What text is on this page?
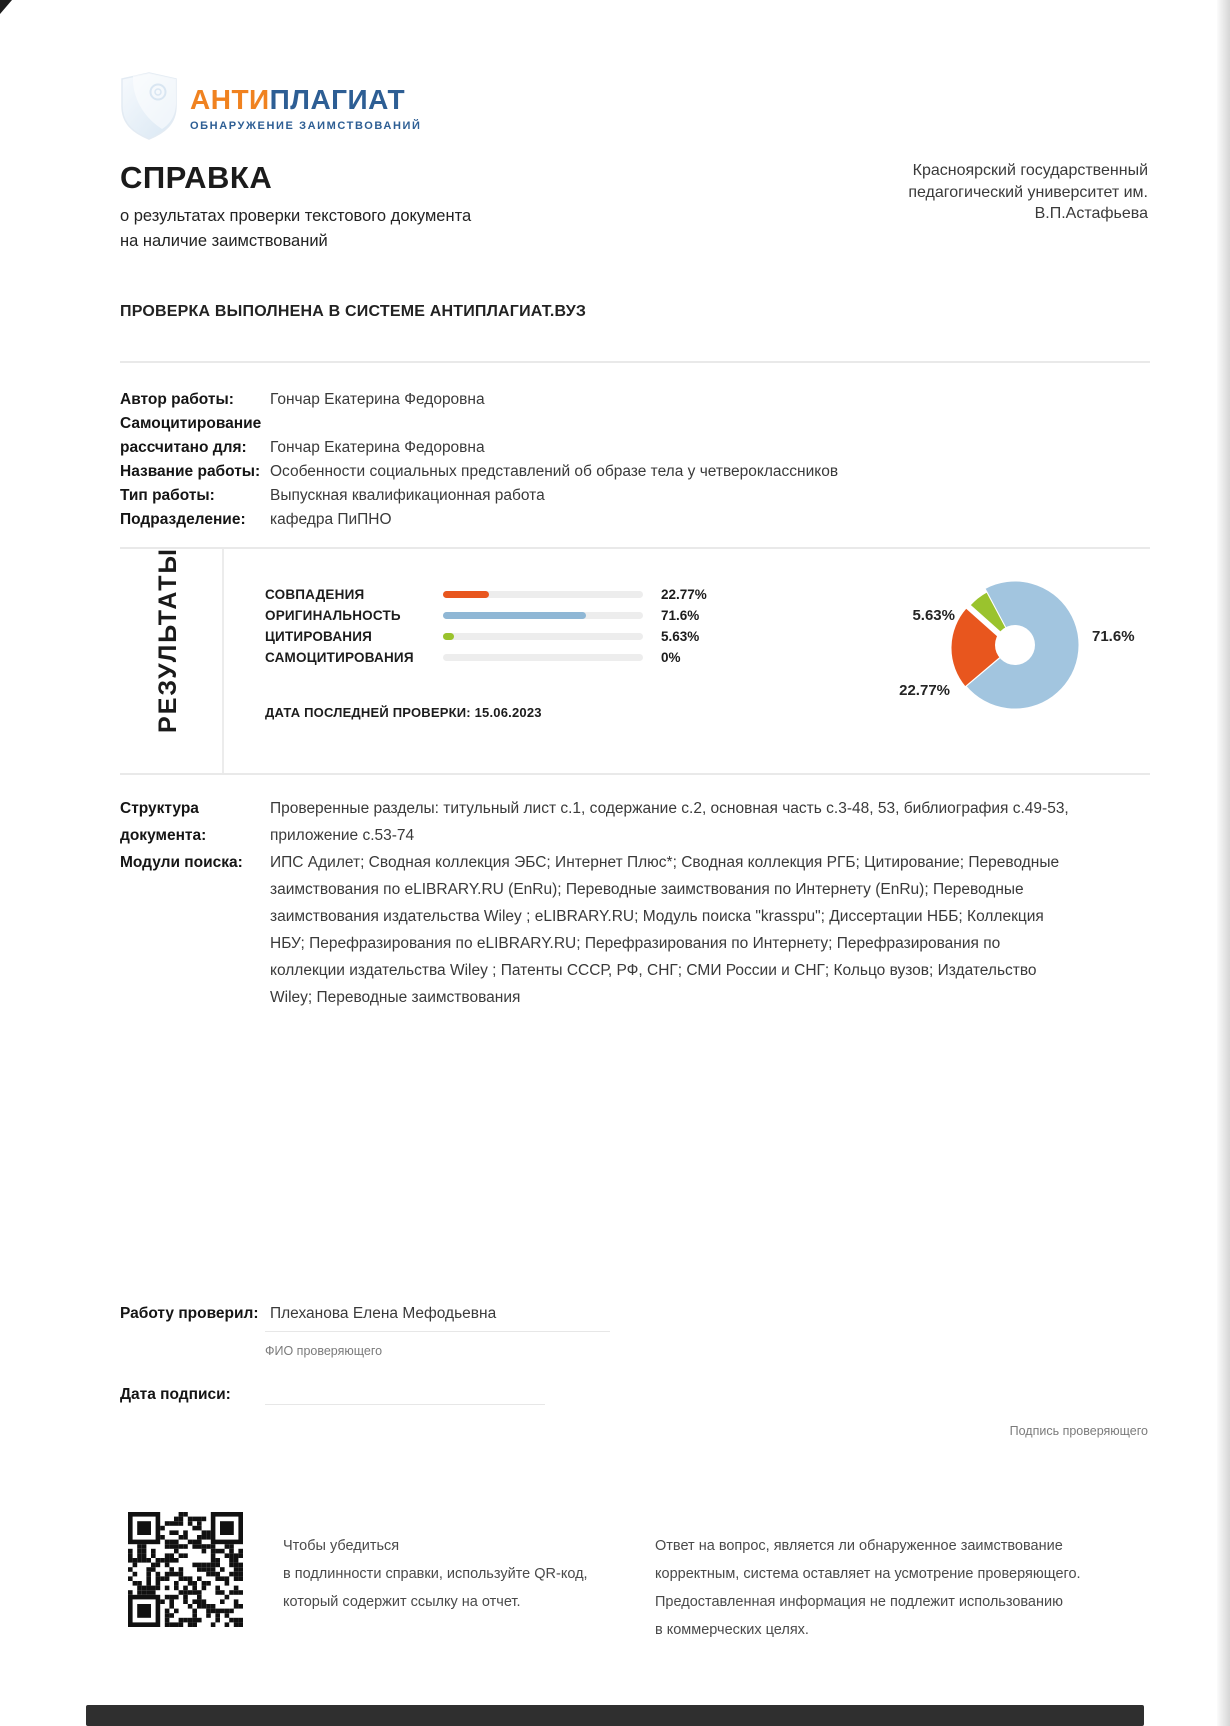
АНТИПЛАГИАТ
ОБНАРУЖЕНИЕ ЗАИМСТВОВАНИЙ
СПРАВКА
о результатах проверки текстового документа
на наличие заимствований
Красноярский государственный
педагогический университет им.
В.П.Астафьева
ПРОВЕРКА ВЫПОЛНЕНА В СИСТЕМЕ АНТИПЛАГИАТ.ВУЗ
Автор работы:	Гончар Екатерина Федоровна
Самоцитирование рассчитано для:	Гончар Екатерина Федоровна
Название работы: Особенности социальных представлений об образе тела у четвероклассников
Тип работы:	Выпускная квалификационная работа
Подразделение:	кафедра ПиПНО
РЕЗУЛЬТАТЫ	СОВПАДЕНИЯ	22.77%
ОРИГИНАЛЬНОСТЬ	71.6%
ЦИТИРОВАНИЯ	5.63%
САМОЦИТИРОВАНИЯ	0%
ДАТА ПОСЛЕДНЕЙ ПРОВЕРКИ: 15.06.2023
5.63%
71.6%
22.77%
Структура документа:
Проверенные разделы: титульный лист с.1, содержание с.2, основная часть с.3-48, 53, библиография с.49-53, приложение с.53-74
Модули поиска:	ИПС Адилет; Сводная коллекция ЭБС; Интернет Плюс*; Сводная коллекция РГБ; Цитирование; Переводные заимствования по eLIBRARY.RU (EnRu); Переводные заимствования по Интернету (EnRu); Переводные заимствования издательства Wiley ; eLIBRARY.RU; Модуль поиска "krasspu"; Диссертации НББ; Коллекция НБУ; Перефразирования по eLIBRARY.RU; Перефразирования по Интернету; Перефразирования по коллекции издательства Wiley ; Патенты СССР, РФ, СНГ; СМИ России и СНГ; Кольцо вузов; Издательство Wiley; Переводные заимствования
Работу проверил: Плеханова Елена Мефодьевна
ФИО проверяющего
Дата подписи:
Подпись проверяющего
Чтобы убедиться
в подлинности справки, используйте QR-код,
который содержит ссылку на отчет.
Ответ на вопрос, является ли обнаруженное заимствование
корректным, система оставляет на усмотрение проверяющего.
Предоставленная информация не подлежит использованию
в коммерческих целях.
